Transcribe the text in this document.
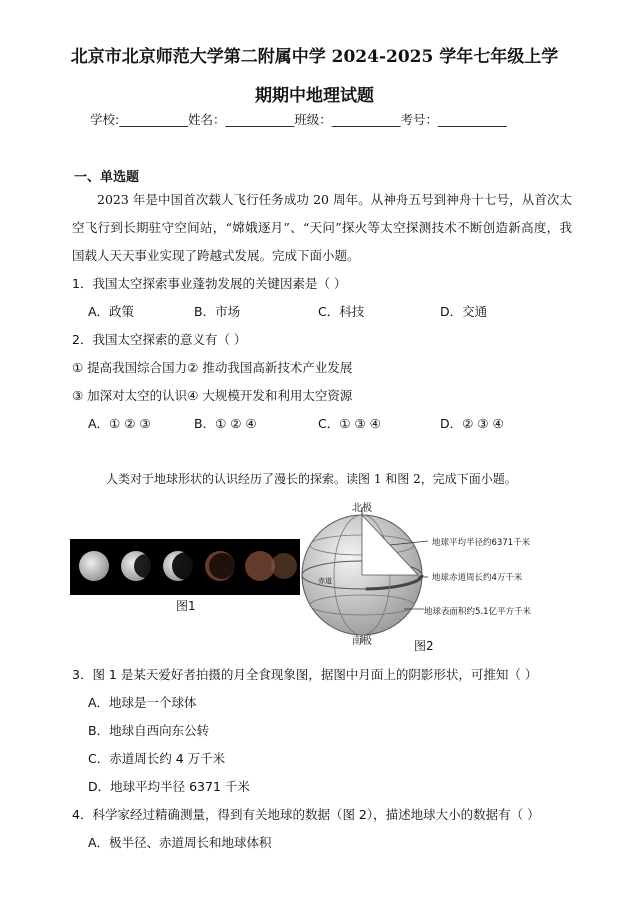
北京市北京师范大学第二附属中学 2024-2025 学年七年级上学
期期中地理试题
学校:___________姓名：___________班级：___________考号：___________
一、单选题
2023 年是中国首次载人飞行任务成功 20 周年。从神舟五号到神舟十七号，从首次太空飞行到长期驻守空间站，“嫦娥逐月”、“天问”探火等太空探测技术不断创造新高度，我国载人天天事业实现了跨越式发展。完成下面小题。
1．我国太空探索事业蓬勃发展的关键因素是（ ）
A．政策	B．市场	C．科技	D．交通
2．我国太空探索的意义有（ ）
① 提高我国综合国力② 推动我国高新技术产业发展
③ 加深对太空的认识④ 大规模开发和利用太空资源
A．① ② ③	B．① ② ④	C．① ③ ④	D．② ③ ④
人类对于地球形状的认识经历了漫长的探索。读图 1 和图 2，完成下面小题。
图1
北极
南极
赤道
地球平均半径约6371千米
地球赤道周长约4万千米
地球表面积约5.1亿平方千米
图2
3．图 1 是某天爱好者拍摄的月全食现象图，据图中月面上的阴影形状，可推知（ ）
A．地球是一个球体
B．地球自西向东公转
C．赤道周长约 4 万千米
D．地球平均半径 6371 千米
4．科学家经过精确测量，得到有关地球的数据（图 2），描述地球大小的数据有（ ）
A．极半径、赤道周长和地球体积
